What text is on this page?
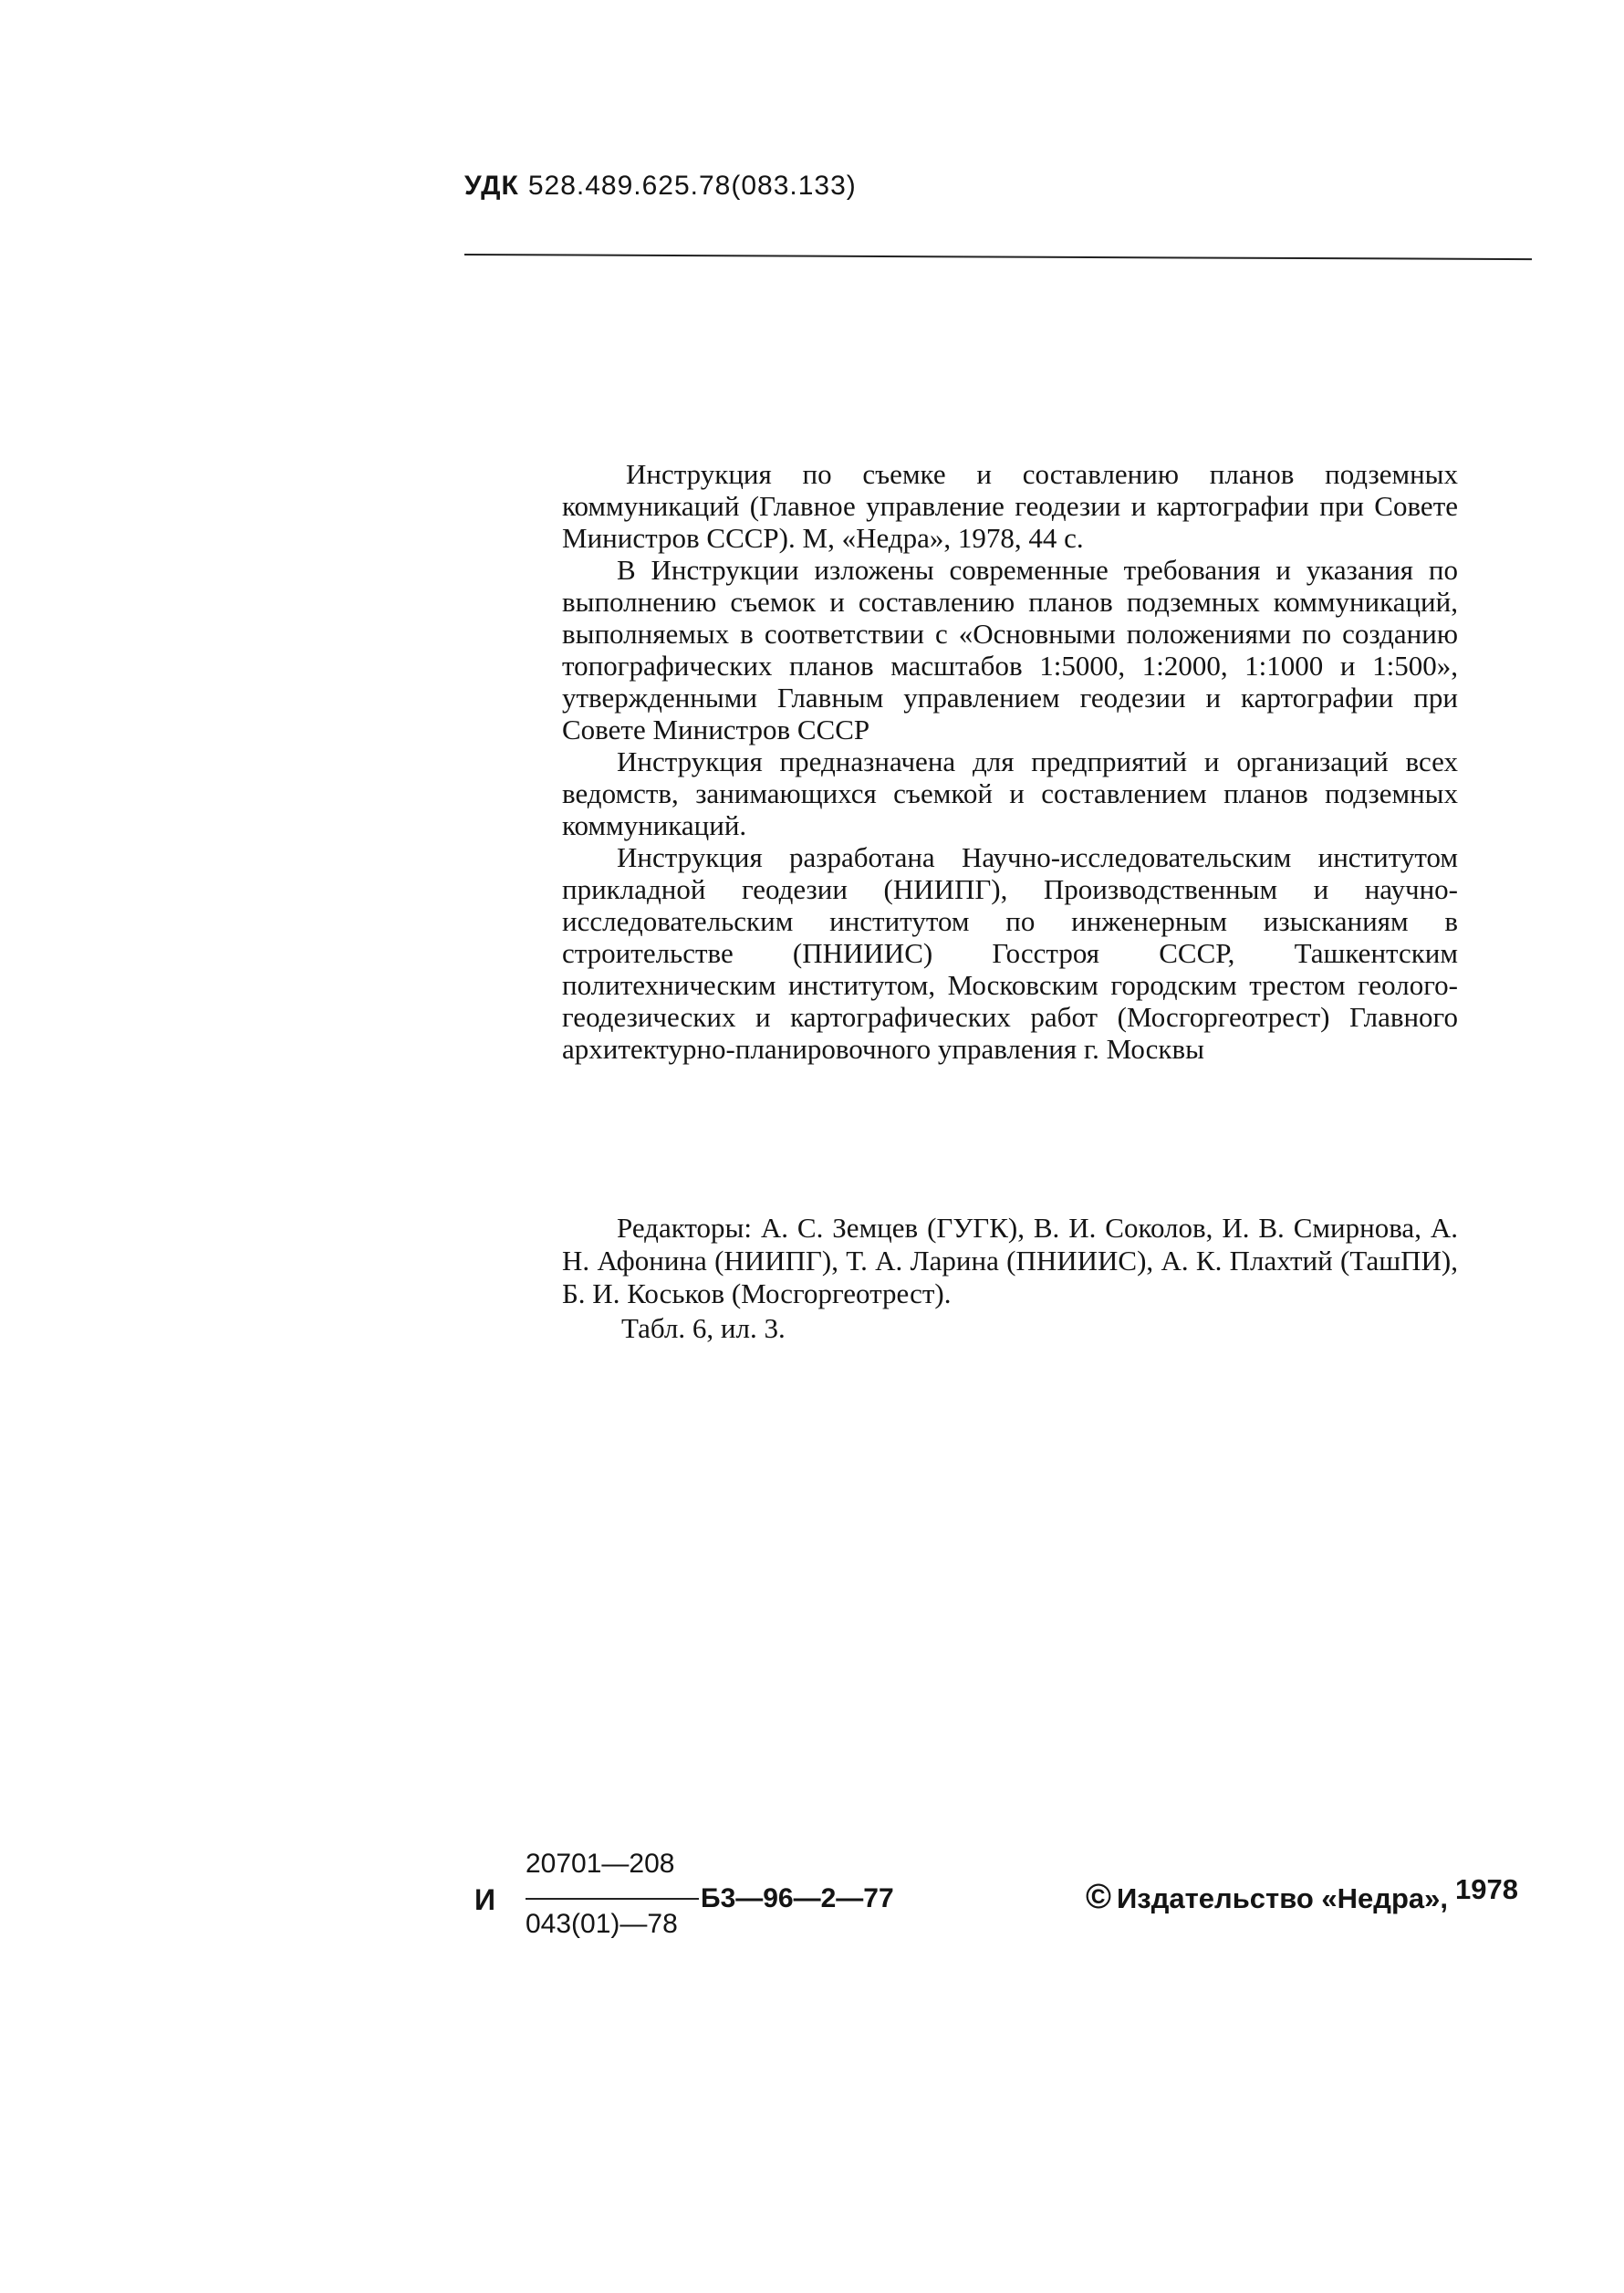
УДК 528.489.625.78(083.133)

Инструкция по съемке и составлению планов подземных коммуникаций (Главное управление геодезии и картографии при Совете Министров СССР). М, «Недра», 1978, 44 с.

В Инструкции изложены современные требования и указания по выполнению съемок и составлению планов подземных коммуникаций, выполняемых в соответствии с «Основными положениями по созданию топографических планов масштабов 1:5000, 1:2000, 1:1000 и 1:500», утвержденными Главным управлением геодезии и картографии при Совете Министров СССР

Инструкция предназначена для предприятий и организаций всех ведомств, занимающихся съемкой и составлением планов подземных коммуникаций.

Инструкция разработана Научно-исследовательским институтом прикладной геодезии (НИИПГ), Производственным и научно-исследовательским институтом по инженерным изысканиям в строительстве (ПНИИИС) Госстроя СССР, Ташкентским политехническим институтом, Московским городским трестом геолого-геодезических и картографических работ (Мосгоргеотрест) Главного архитектурно-планировочного управления г. Москвы

Редакторы: А. С. Земцев (ГУГК), В. И. Соколов, И. В. Смирнова, А. Н. Афонина (НИИПГ), Т. А. Ларина (ПНИИИС), А. К. Плахтий (ТашПИ), Б. И. Коськов (Мосгоргеотрест).

Табл. 6, ил. 3.

И
20701—208
043(01)—78
Б3—96—2—77	© Издательство «Недра», 1978
